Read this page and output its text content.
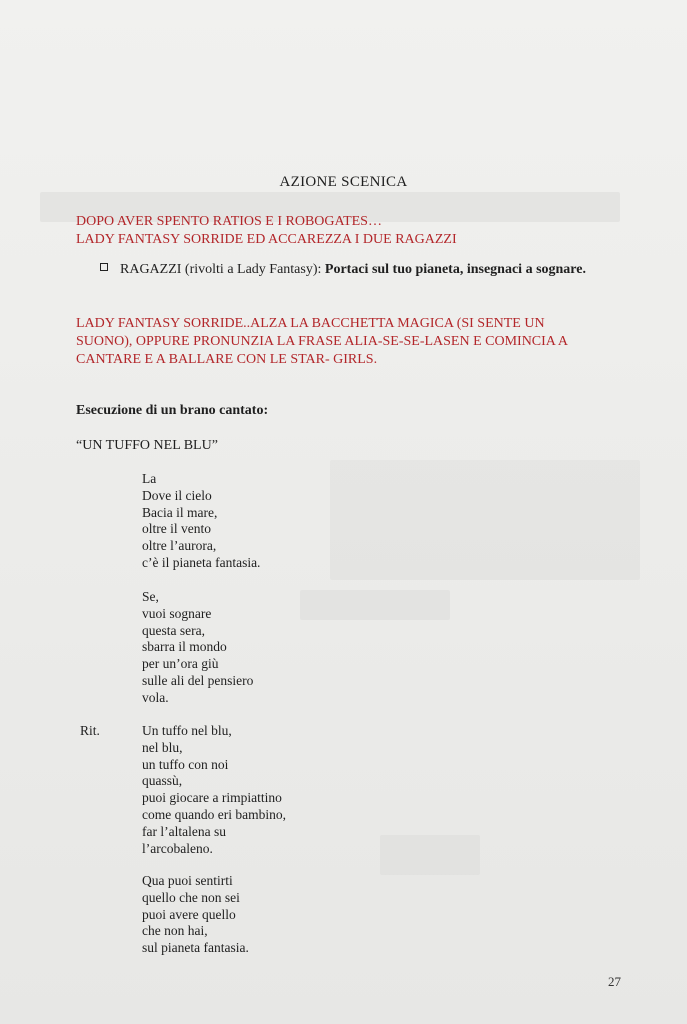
AZIONE SCENICA
DOPO AVER SPENTO RATIOS E I ROBOGATES…
LADY FANTASY SORRIDE ED ACCAREZZA I DUE RAGAZZI
RAGAZZI (rivolti a Lady Fantasy): Portaci sul tuo pianeta, insegnaci a sognare.
LADY FANTASY SORRIDE..ALZA LA BACCHETTA MAGICA (SI SENTE UN
SUONO), OPPURE PRONUNZIA LA FRASE ALIA-SE-SE-LASEN E COMINCIA A
CANTARE E A BALLARE CON LE STAR- GIRLS.
Esecuzione di un brano cantato:
“UN TUFFO NEL BLU”
La
Dove il cielo
Bacia il mare,
oltre il vento
oltre l’aurora,
c’è il pianeta fantasia.
Se,
vuoi sognare
questa sera,
sbarra il mondo
per un’ora giù
sulle ali del pensiero
vola.
Rit.	Un tuffo nel blu,
nel blu,
un tuffo con noi
quassù,
puoi giocare a rimpiattino
come quando eri bambino,
far l’altalena su
l’arcobaleno.
Qua puoi sentirti
quello che non sei
puoi avere quello
che non hai,
sul pianeta fantasia.
27
